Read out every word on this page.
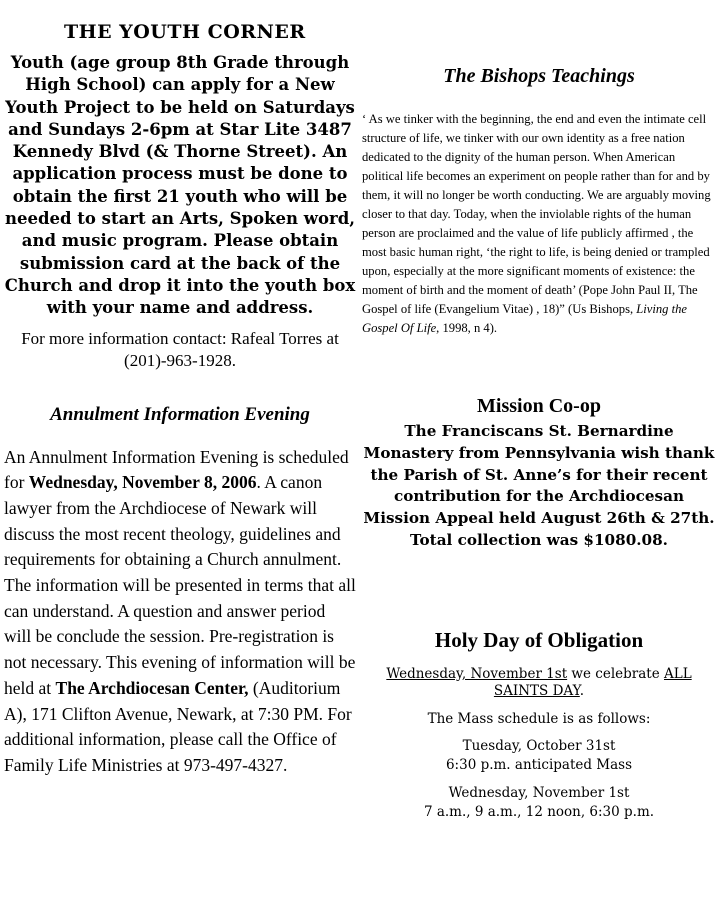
THE YOUTH CORNER

Youth (age group 8th Grade through High School) can apply for a New Youth Project to be held on Saturdays and Sundays 2-6pm at Star Lite 3487 Kennedy Blvd (& Thorne Street). An application process must be done to obtain the first 21 youth who will be needed to start an Arts, Spoken word, and music program. Please obtain submission card at the back of the Church and drop it into the youth box with your name and address.

For more information contact: Rafeal Torres at (201)-963-1928.

Annulment Information Evening

An Annulment Information Evening is scheduled for Wednesday, November 8, 2006. A canon lawyer from the Archdiocese of Newark will discuss the most recent theology, guidelines and requirements for obtaining a Church annulment. The information will be presented in terms that all can understand. A question and answer period will be conclude the session. Pre-registration is not necessary. This evening of information will be held at The Archdiocesan Center, (Auditorium A), 171 Clifton Avenue, Newark, at 7:30 PM. For additional information, please call the Office of Family Life Ministries at 973-497-4327.

The Bishops Teachings

‘ As we tinker with the beginning, the end and even the intimate cell structure of life, we tinker with our own identity as a free nation dedicated to the dignity of the human person. When American political life becomes an experiment on people rather than for and by them, it will no longer be worth conducting. We are arguably moving closer to that day. Today, when the inviolable rights of the human person are proclaimed and the value of life publicly affirmed , the most basic human right, ‘the right to life, is being denied or trampled upon, especially at the more significant moments of existence: the moment of birth and the moment of death’ (Pope John Paul II, The Gospel of life (Evangelium Vitae) , 18)” (Us Bishops, Living the Gospel Of Life, 1998, n 4).

Mission Co-op

The Franciscans St. Bernardine Monastery from Pennsylvania wish thank the Parish of St. Anne’s for their recent contribution for the Archdiocesan Mission Appeal held August 26th & 27th. Total collection was $1080.08.

Holy Day of Obligation

Wednesday, November 1st we celebrate ALL SAINTS DAY.

The Mass schedule is as follows:

Tuesday, October 31st
6:30 p.m. anticipated Mass
Wednesday, November 1st
7 a.m., 9 a.m., 12 noon, 6:30 p.m.
